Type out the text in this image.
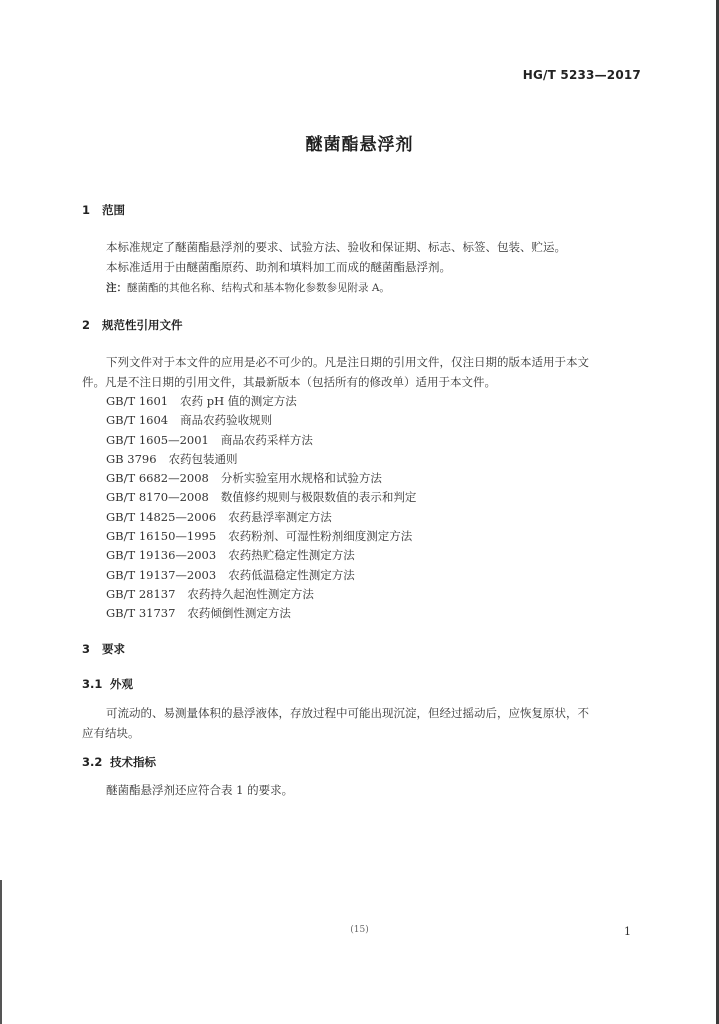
HG/T 5233—2017
醚菌酯悬浮剂
1 范围
本标准规定了醚菌酯悬浮剂的要求、试验方法、验收和保证期、标志、标签、包装、贮运。
本标准适用于由醚菌酯原药、助剂和填料加工而成的醚菌酯悬浮剂。
注：醚菌酯的其他名称、结构式和基本物化参数参见附录 A。
2 规范性引用文件
下列文件对于本文件的应用是必不可少的。凡是注日期的引用文件，仅注日期的版本适用于本文
件。凡是不注日期的引用文件，其最新版本（包括所有的修改单）适用于本文件。
GB/T 1601 农药 pH 值的测定方法
GB/T 1604 商品农药验收规则
GB/T 1605—2001 商品农药采样方法
GB 3796 农药包装通则
GB/T 6682—2008 分析实验室用水规格和试验方法
GB/T 8170—2008 数值修约规则与极限数值的表示和判定
GB/T 14825—2006 农药悬浮率测定方法
GB/T 16150—1995 农药粉剂、可湿性粉剂细度测定方法
GB/T 19136—2003 农药热贮稳定性测定方法
GB/T 19137—2003 农药低温稳定性测定方法
GB/T 28137 农药持久起泡性测定方法
GB/T 31737 农药倾倒性测定方法
3 要求
3.1 外观
可流动的、易测量体积的悬浮液体，存放过程中可能出现沉淀，但经过摇动后，应恢复原状，不
应有结块。
3.2 技术指标
醚菌酯悬浮剂还应符合表 1 的要求。
(15)	1
